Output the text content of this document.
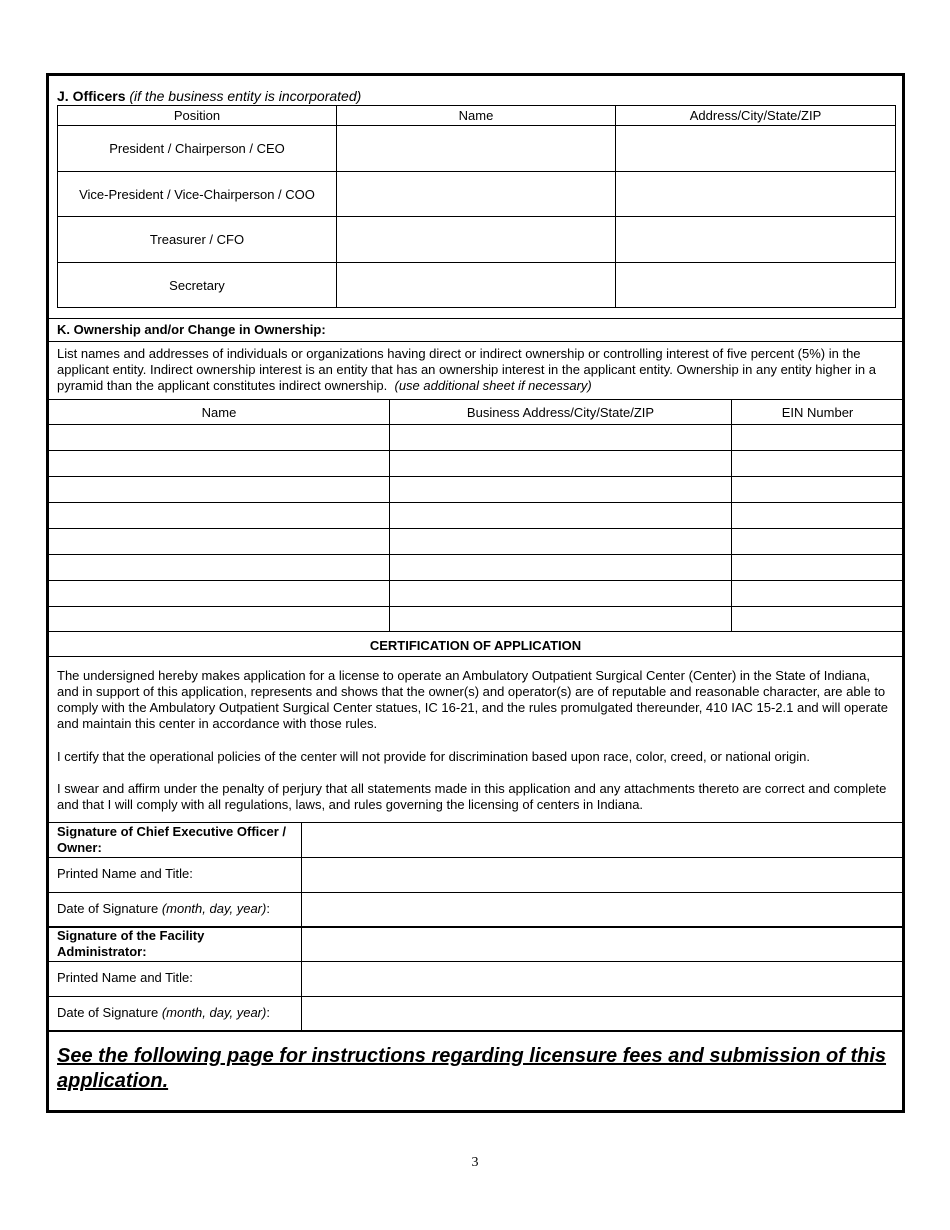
J. Officers (if the business entity is incorporated)
Position	Name	Address/City/State/ZIP
President / Chairperson / CEO		
Vice-President / Vice-Chairperson / COO		
Treasurer / CFO		
Secretary		
K. Ownership and/or Change in Ownership:
List names and addresses of individuals or organizations having direct or indirect ownership or controlling interest of five percent (5%) in the applicant entity. Indirect ownership interest is an entity that has an ownership interest in the applicant entity. Ownership in any entity higher in a pyramid than the applicant constitutes indirect ownership. (use additional sheet if necessary)
Name	Business Address/City/State/ZIP	EIN Number

CERTIFICATION OF APPLICATION
The undersigned hereby makes application for a license to operate an Ambulatory Outpatient Surgical Center (Center) in the State of Indiana, and in support of this application, represents and shows that the owner(s) and operator(s) are of reputable and reasonable character, are able to comply with the Ambulatory Outpatient Surgical Center statues, IC 16-21, and the rules promulgated thereunder, 410 IAC 15-2.1 and will operate and maintain this center in accordance with those rules.
I certify that the operational policies of the center will not provide for discrimination based upon race, color, creed, or national origin.
I swear and affirm under the penalty of perjury that all statements made in this application and any attachments thereto are correct and complete and that I will comply with all regulations, laws, and rules governing the licensing of centers in Indiana.
Signature of Chief Executive Officer / Owner:
Printed Name and Title:
Date of Signature (month, day, year):
Signature of the Facility Administrator:
Printed Name and Title:
Date of Signature (month, day, year):
See the following page for instructions regarding licensure fees and submission of this application.
3
